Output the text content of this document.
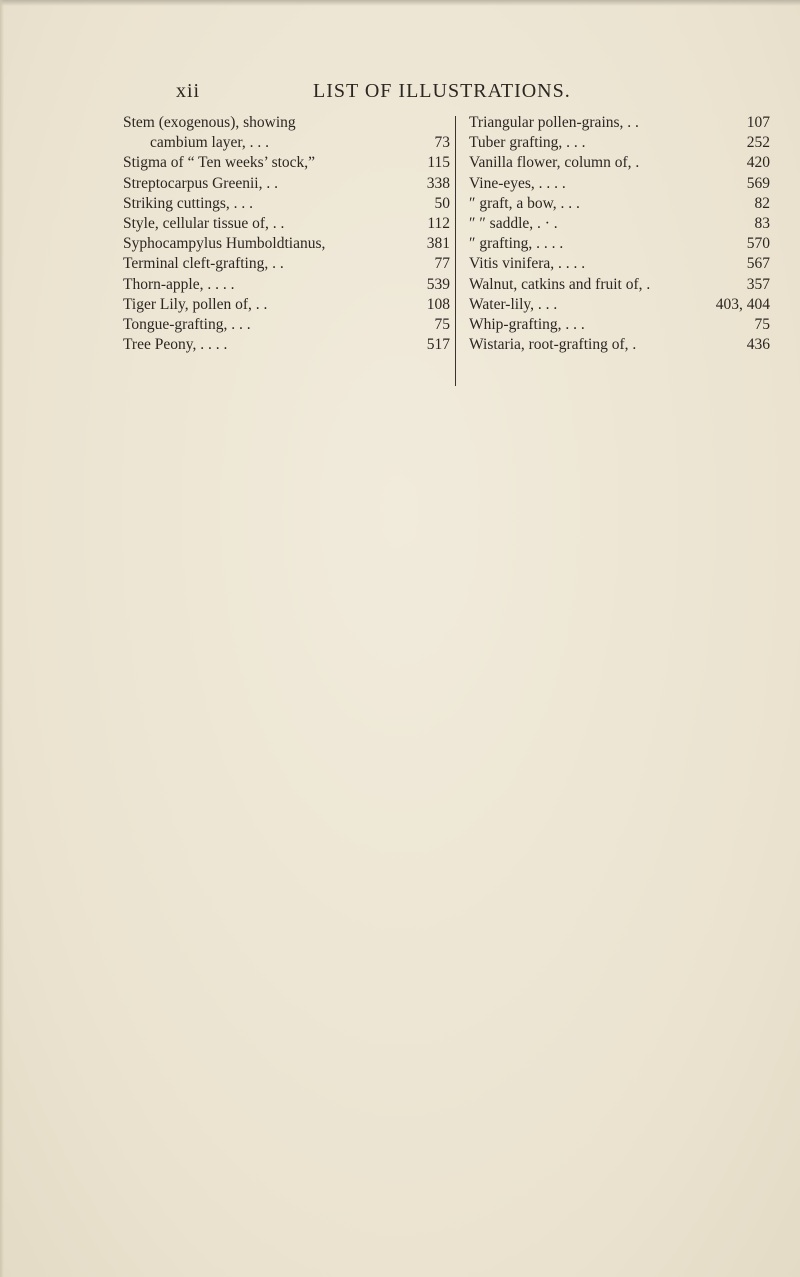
xii	LIST OF ILLUSTRATIONS.
Stem (exogenous), showing
cambium layer, . . .	73
Stigma of “ Ten weeks’ stock,”	115
Streptocarpus Greenii, . .	338
Striking cuttings, . . .	50
Style, cellular tissue of, . .	112
Syphocampylus Humboldtianus,	381
Terminal cleft-grafting, . .	77
Thorn-apple, . . . .	539
Tiger Lily, pollen of, . .	108
Tongue-grafting, . . .	75
Tree Peony, . . . .	517
Triangular pollen-grains, . .	107
Tuber grafting, . . .	252
Vanilla flower, column of, .	420
Vine-eyes, . . . .	569
″ graft, a bow, . . .	82
″ ″ saddle, . · .	83
″ grafting, . . . .	570
Vitis vinifera, . . . .	567
Walnut, catkins and fruit of, .	357
Water-lily, . . .	403, 404
Whip-grafting, . . .	75
Wistaria, root-grafting of, .	436
